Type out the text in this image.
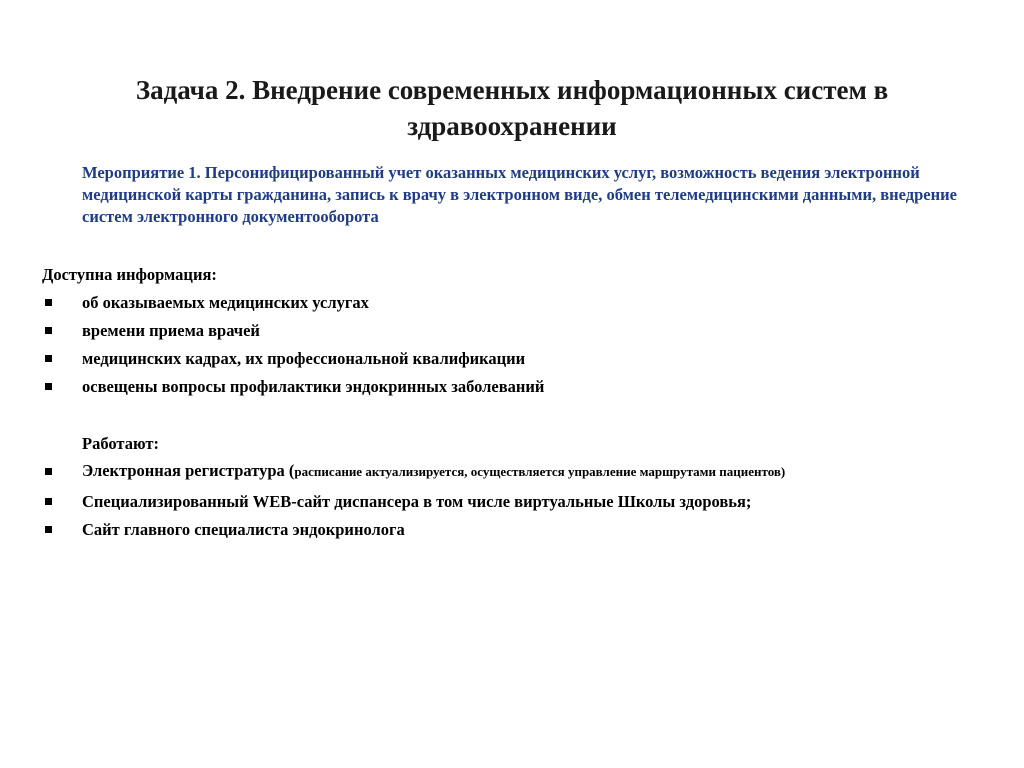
Задача 2. Внедрение современных информационных систем в здравоохранении
Мероприятие 1. Персонифицированный учет оказанных медицинских услуг, возможность ведения электронной медицинской карты гражданина, запись к врачу в электронном виде, обмен телемедицинскими данными, внедрение систем электронного документооборота
Доступна информация:
об оказываемых медицинских услугах
времени приема врачей
медицинских кадрах, их профессиональной квалификации
освещены вопросы профилактики эндокринных заболеваний
Работают:
Электронная регистратура (расписание актуализируется, осуществляется управление маршрутами пациентов)
Специализированный WEB-сайт диспансера в том числе виртуальные Школы здоровья;
Сайт главного специалиста эндокринолога
